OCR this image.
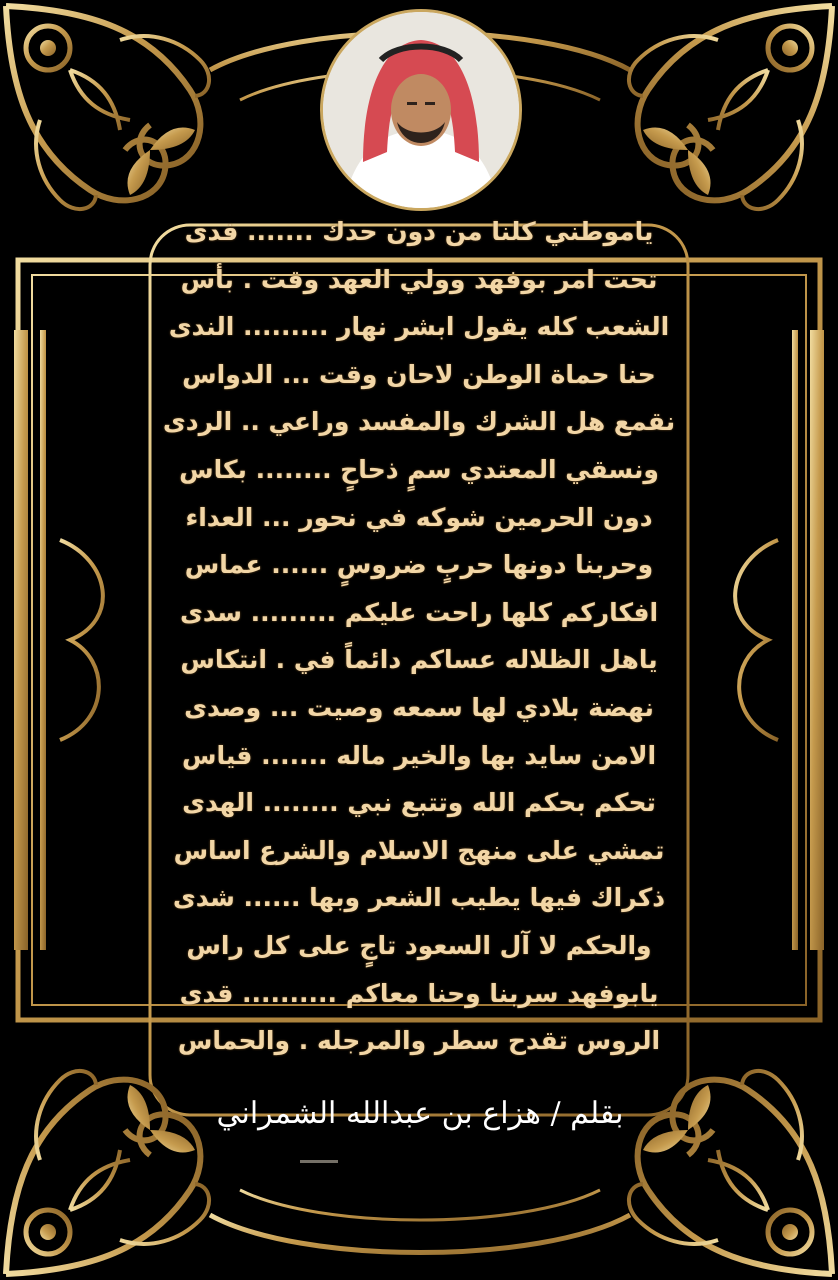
ياموطني كلنا من دون حدك ....... فدى
تحت امر بوفهد وولي العهد وقت . بأس
الشعب كله يقول ابشر نهار ......... الندى
حنا حماة الوطن لاحان وقت ... الدواس
نقمع هل الشرك والمفسد وراعي .. الردى
ونسقي المعتدي سمٍ ذحاحٍ ........ بكاس
دون الحرمين شوكه في نحور ... العداء
وحربنا دونها حربٍ ضروسٍ ...... عماس
افكاركم كلها راحت عليكم ......... سدى
ياهل الظلاله عساكم دائماً في . انتكاس
نهضة بلادي لها سمعه وصيت ... وصدى
الامن سايد بها والخير ماله ....... قياس
تحكم بحكم الله وتتبع نبي ........ الهدى
تمشي على منهج الاسلام والشرع اساس
ذكراك فيها يطيب الشعر وبها ...... شدى
والحكم لا آل السعود تاجٍ على كل راس
يابوفهد سربنا وحنا معاكم .......... قدى
الروس تقدح سطر والمرجله . والحماس
بقلم / هزاع بن عبدالله الشمراني
